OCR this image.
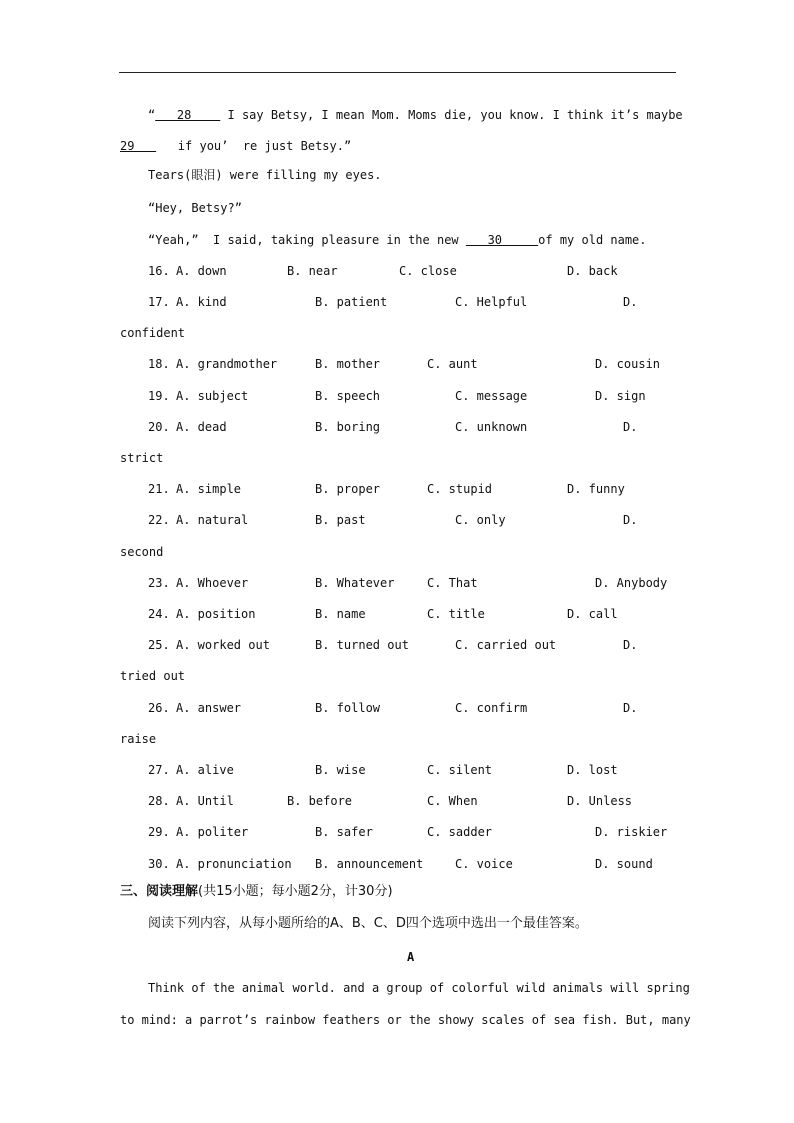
“   28     I say Betsy, I mean Mom. Moms die, you know. I think it’s maybe
29      if you’  re just Betsy.”
Tears(眼泪) were filling my eyes.
“Hey, Betsy?”
“Yeah,”  I said, taking pleasure in the new    30     of my old name.
16. A. down	B. near	C. close	D. back
17. A. kind	B. patient	C. Helpful	D.
confident
18. A. grandmother	B. mother	C. aunt	D. cousin
19. A. subject	B. speech	C. message	D. sign
20. A. dead	B. boring	C. unknown	D.
strict
21. A. simple	B. proper	C. stupid	D. funny
22. A. natural	B. past	C. only	D.
second
23. A. Whoever	B. Whatever	C. That	D. Anybody
24. A. position	B. name	C. title	D. call
25. A. worked out	B. turned out	C. carried out	D.
tried out
26. A. answer	B. follow	C. confirm	D.
raise
27. A. alive	B. wise	C. silent	D. lost
28. A. Until	B. before	C. When	D. Unless
29. A. politer	B. safer	C. sadder	D. riskier
30. A. pronunciation B. announcement	C. voice	D. sound
三、阅读理解(共15小题；每小题2分，计30分)
阅读下列内容，从每小题所给的A、B、C、D四个选项中选出一个最佳答案。
A
Think of the animal world. and a group of colorful wild animals will spring
to mind: a parrot’s rainbow feathers or the showy scales of sea fish. But, many
